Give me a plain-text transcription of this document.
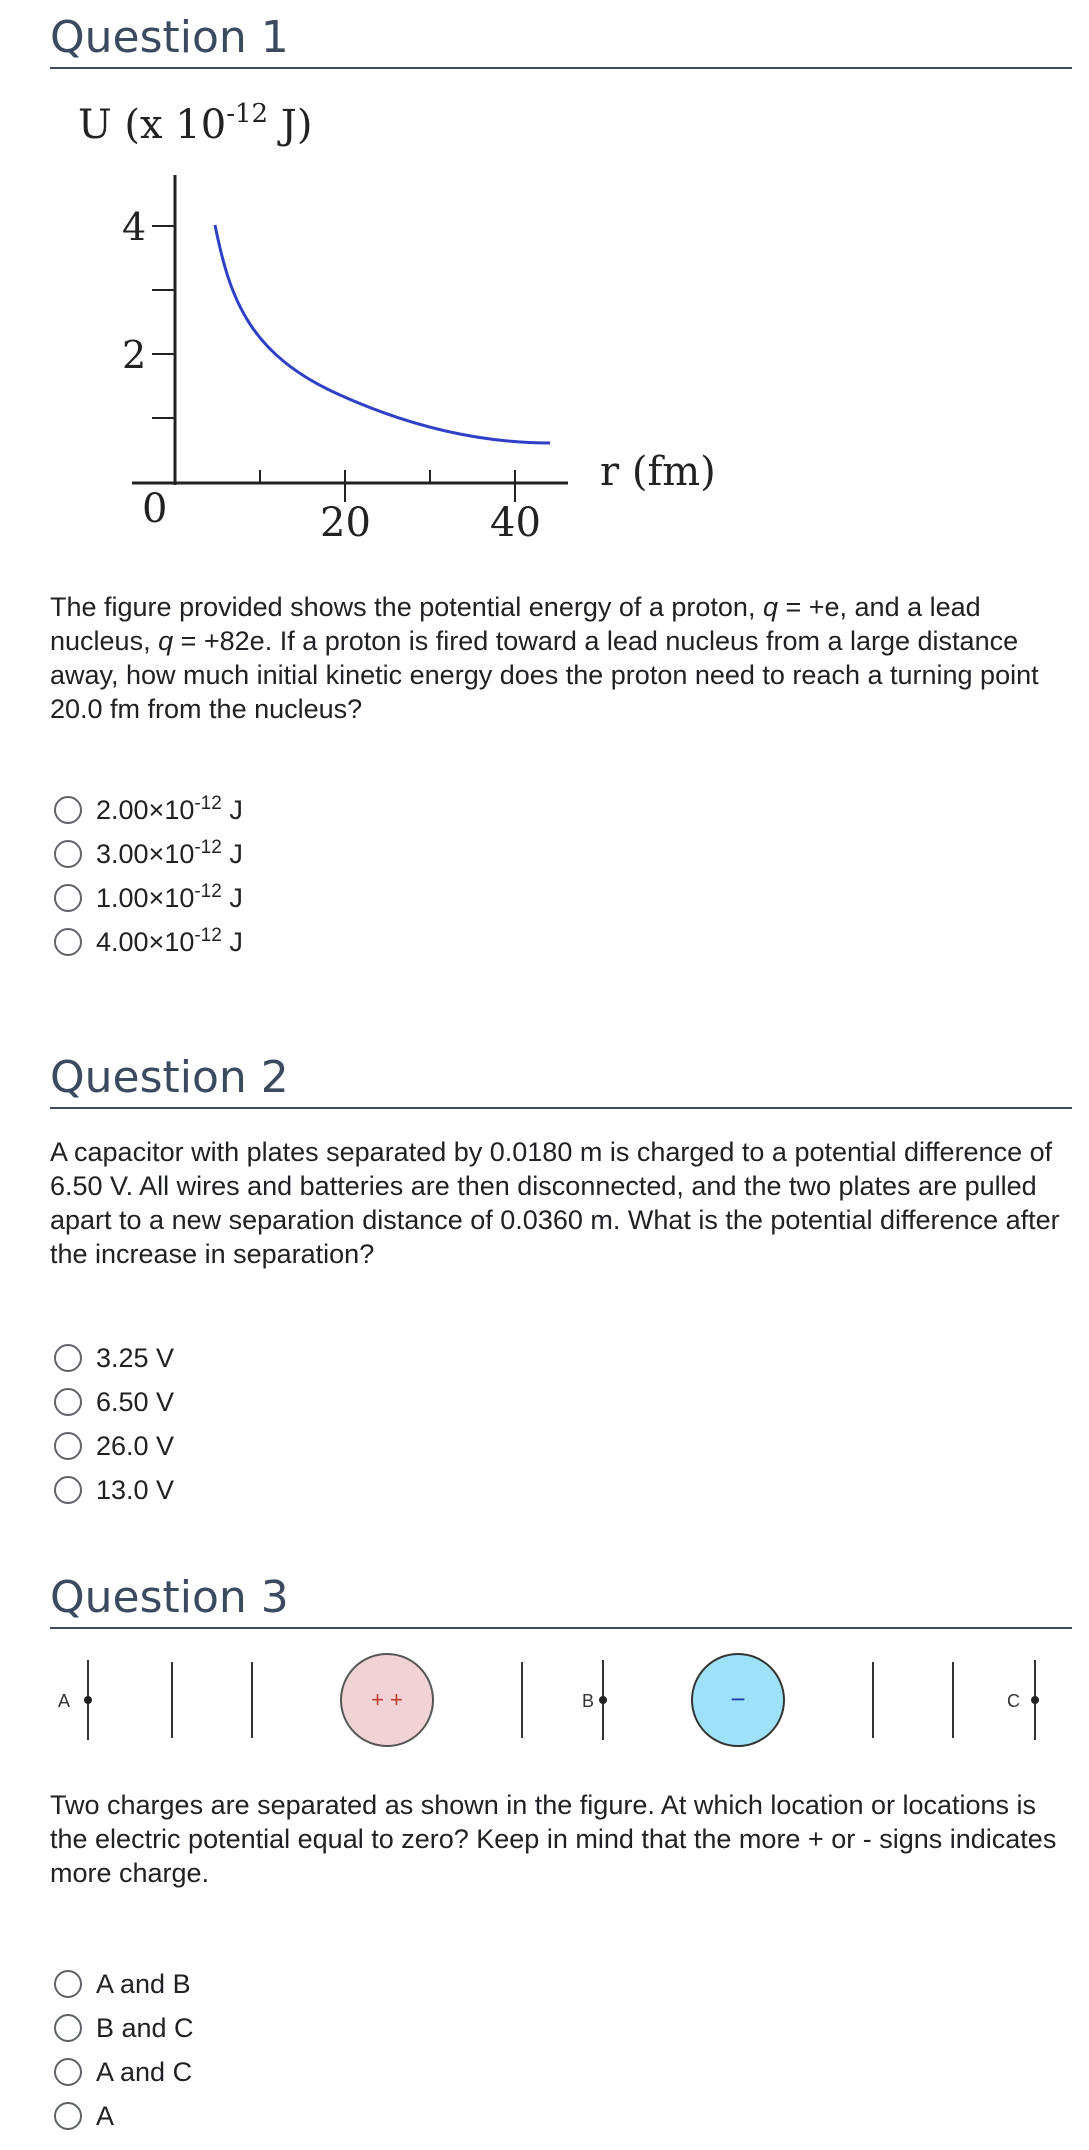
Question 1
U (x $10^{-12}$ J)
4
2
0	20	40
r (fm)
The figure provided shows the potential energy of a proton, q = +e, and a lead nucleus, q = +82e. If a proton is fired toward a lead nucleus from a large distance away, how much initial kinetic energy does the proton need to reach a turning point 20.0 fm from the nucleus?
$2.00\times 10^{-12}$ J
$3.00\times 10^{-12}$ J
$1.00\times 10^{-12}$ J
$4.00\times 10^{-12}$ J
Question 2
A capacitor with plates separated by 0.0180 m is charged to a potential difference of 6.50 V. All wires and batteries are then disconnected, and the two plates are pulled apart to a new separation distance of 0.0360 m. What is the potential difference after the increase in separation?
3.25 V
6.50 V
26.0 V
13.0 V
Question 3
A	B	C
+ +	−
Two charges are separated as shown in the figure. At which location or locations is the electric potential equal to zero? Keep in mind that the more + or - signs indicates more charge.
A and B
B and C
A and C
A
